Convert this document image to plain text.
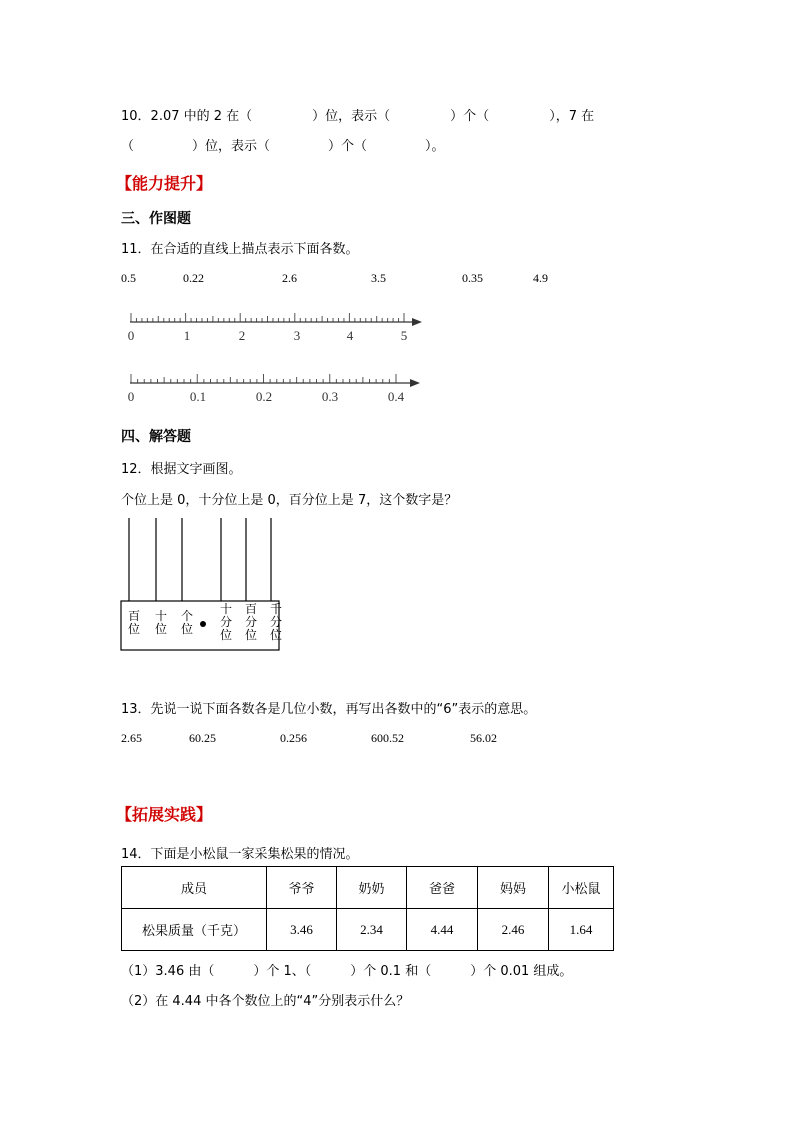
10．2.07 中的 2 在（	）位，表示（	）个（	），7 在
（	）位，表示（	）个（	）。
【能力提升】
三、作图题
11．在合适的直线上描点表示下面各数。
0.5	0.22	2.6	3.5	0.35	4.9
0	1	2	3	4	5
0	0.1	0.2	0.3	0.4
四、解答题
12．根据文字画图。
个位上是 0，十分位上是 0，百分位上是 7，这个数字是？
百位
十位
个位
十分位
百分位
千分位
13．先说一说下面各数各是几位小数，再写出各数中的“6”表示的意思。
2.65	60.25	0.256	600.52	56.02
【拓展实践】
14．下面是小松鼠一家采集松果的情况。
成员	爷爷	奶奶	爸爸	妈妈	小松鼠
松果质量（千克）	3.46	2.34	4.44	2.46	1.64
（1）3.46 由（　　　）个 1、（　　　）个 0.1 和（　　　）个 0.01 组成。
（2）在 4.44 中各个数位上的“4”分别表示什么？
